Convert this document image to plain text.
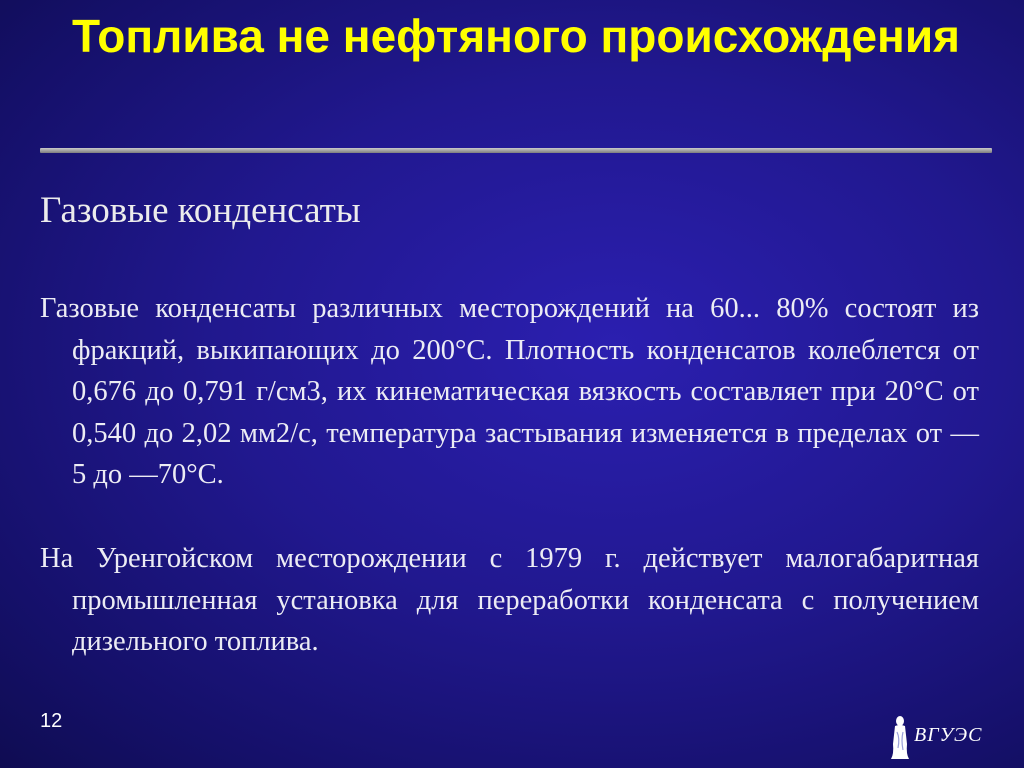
Топлива не нефтяного происхождения
Газовые конденсаты

Газовые конденсаты различных месторождений на 60... 80% состоят из фракций, выкипающих до 200°С. Плотность конденсатов колеблется от 0,676 до 0,791 г/см3, их кинематическая вязкость составляет при 20°С от 0,540 до 2,02 мм2/с, температура застывания изменяется в пределах от —5 до —70°С.

На Уренгойском месторождении с 1979 г. действует малогабаритная промышленная установка для переработки конденсата с получением дизельного топлива.

12
ВГУЭС
